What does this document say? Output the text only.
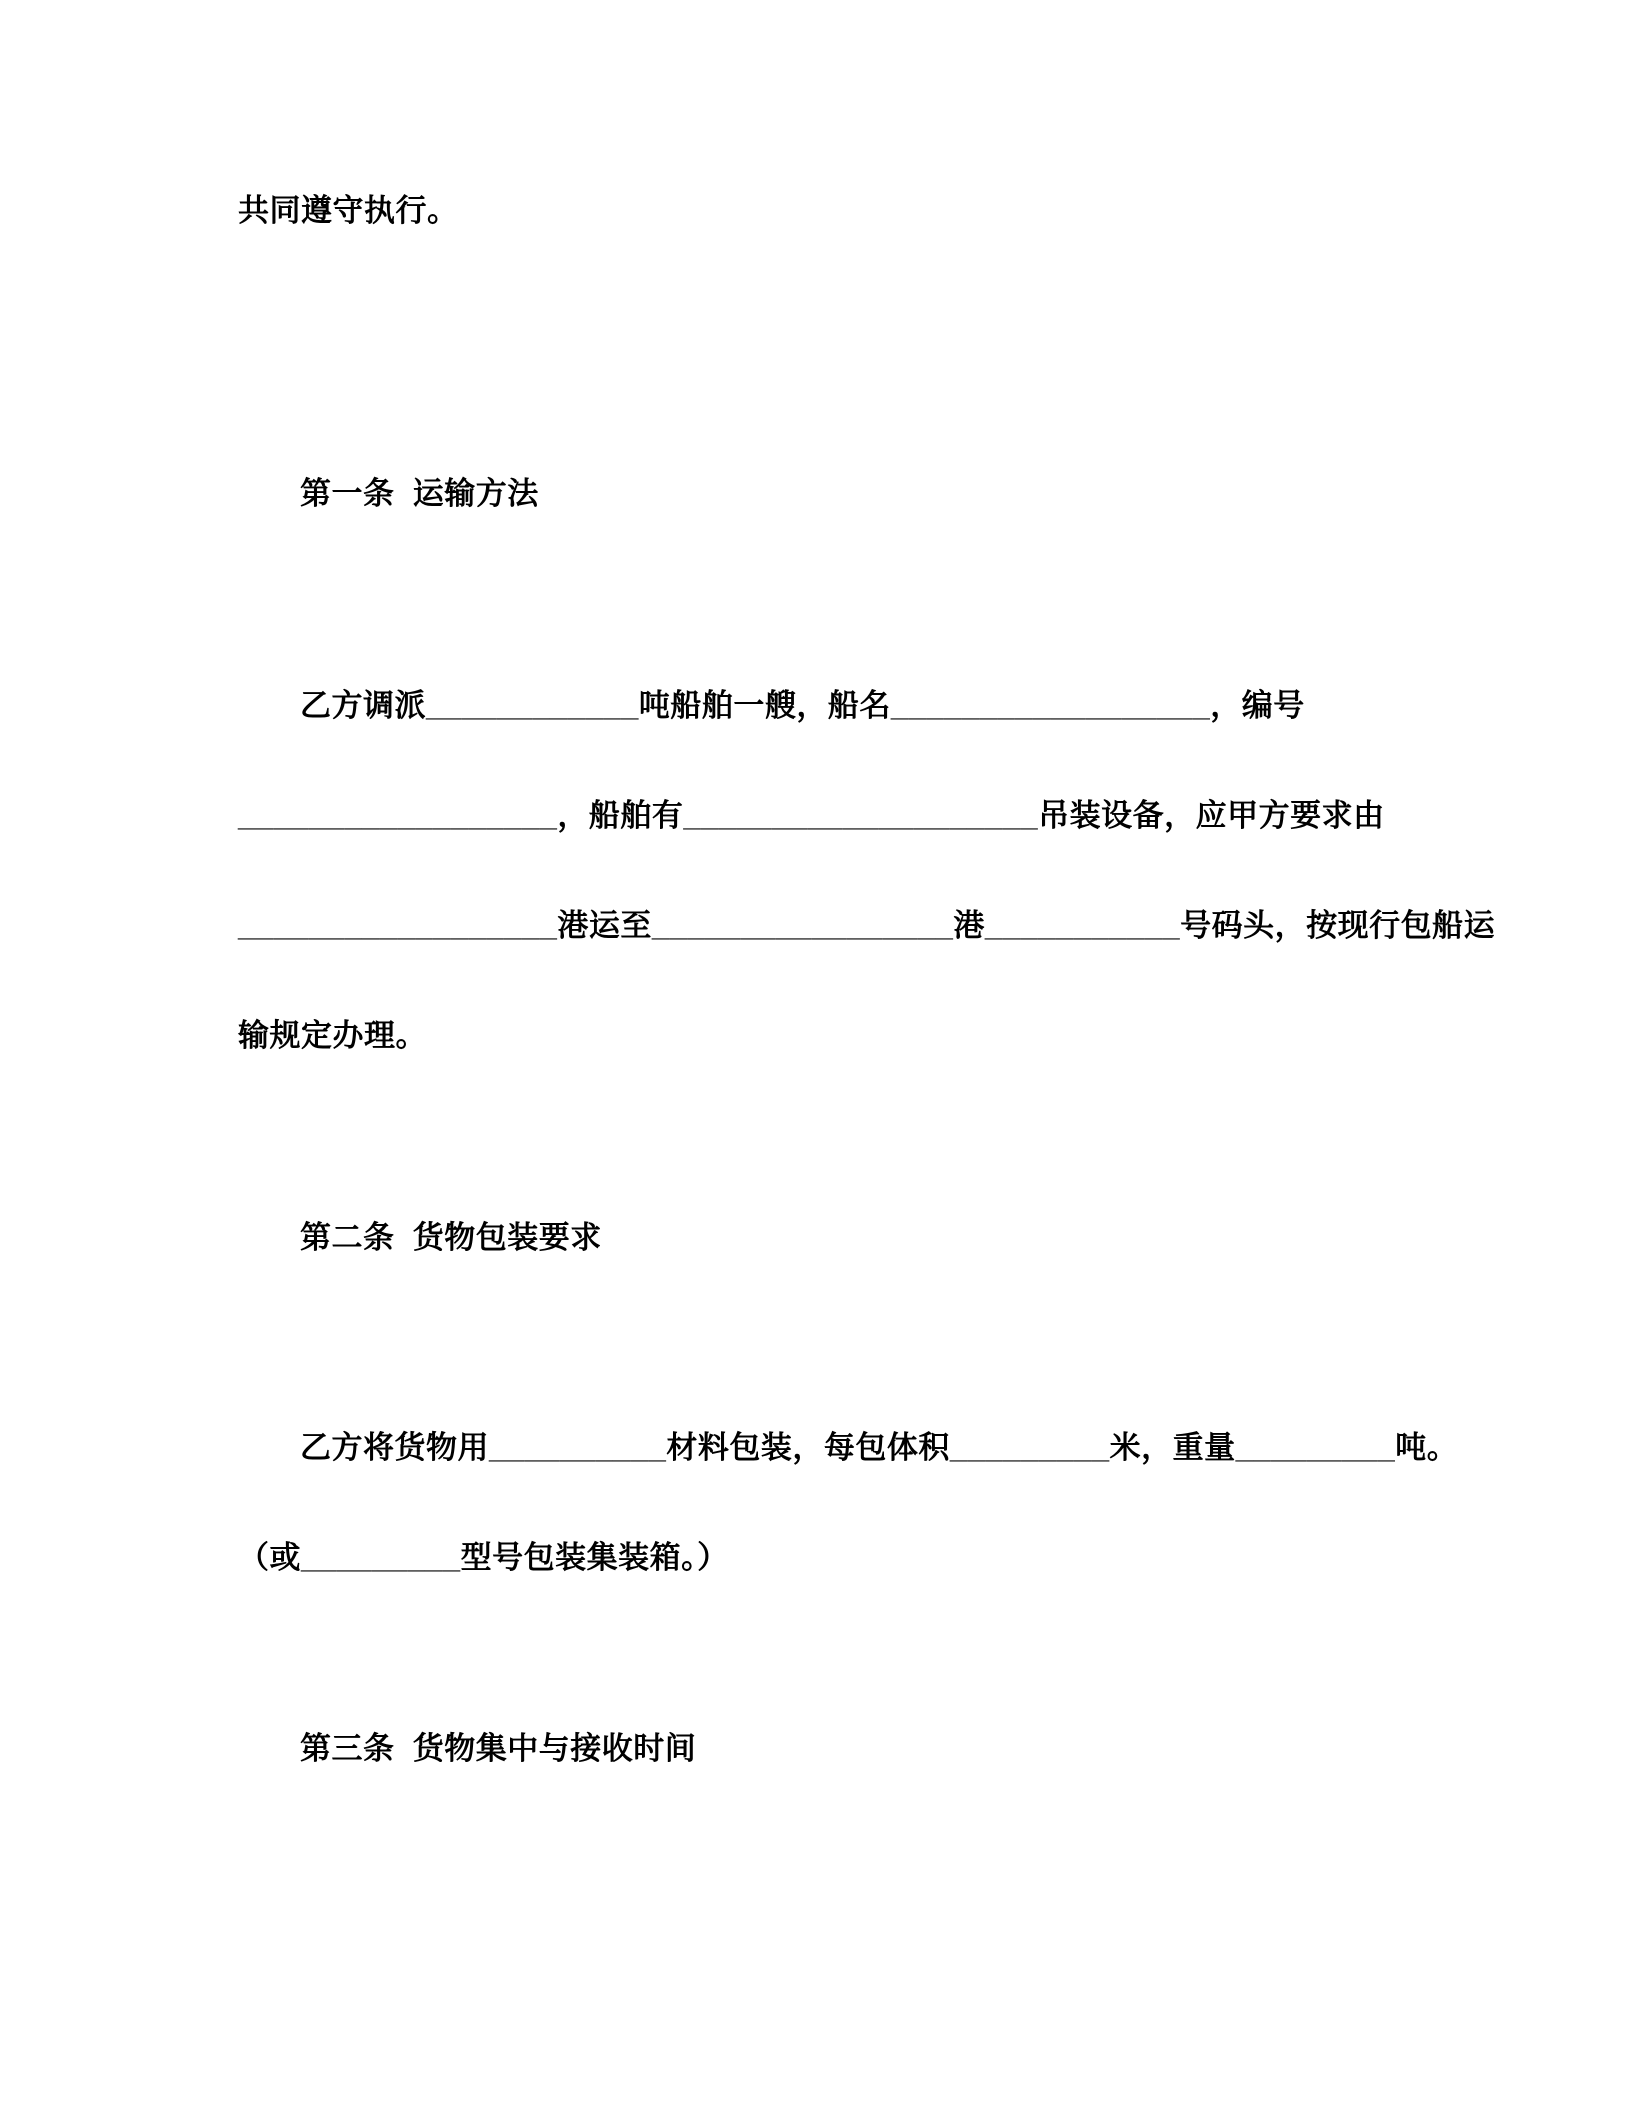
共同遵守执行。
第一条  运输方法
乙方调派____________吨船舶一艘，船名__________________，编号
__________________，船舶有____________________吊装设备，应甲方要求由
__________________港运至_________________港___________号码头，按现行包船运
输规定办理。
第二条  货物包装要求
乙方将货物用__________材料包装，每包体积_________米，重量_________吨。
（或_________型号包装集装箱。）
第三条  货物集中与接收时间
